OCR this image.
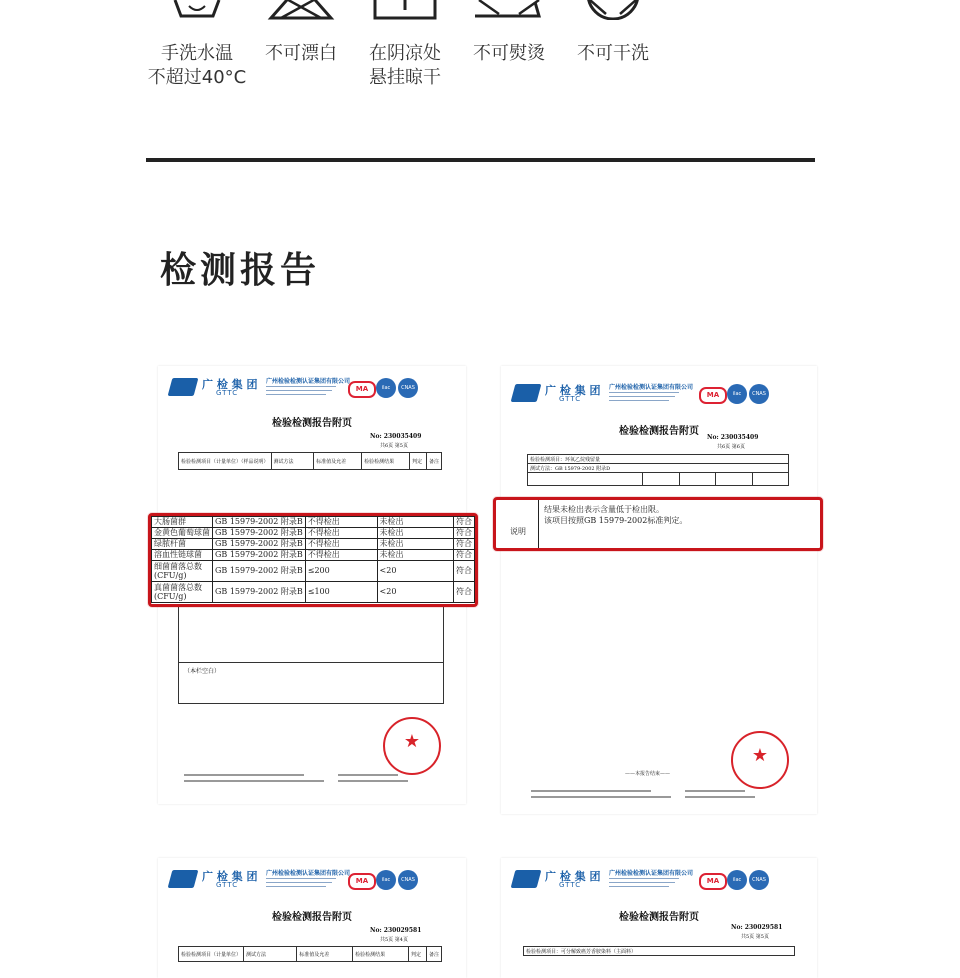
手洗水温
不超过40°C
不可漂白	在阴凉处
悬挂晾干
不可熨烫	不可干洗
检测报告
广 检 集 团
GTTC
广州检验检测认证集团有限公司
MA	ilac	CNAS
检验检测报告附页
No: 230035409
共6页 第5页
检验检测项目（计量单位）（样品说明）	测试方法	标准值及允差	检验检测结果	判定	备注
（本栏空白）
★
大肠菌群	GB 15979-2002 附录B	不得检出	未检出	符合
金黄色葡萄球菌	GB 15979-2002 附录B	不得检出	未检出	符合
绿脓杆菌	GB 15979-2002 附录B	不得检出	未检出	符合
溶血性链球菌	GB 15979-2002 附录B	不得检出	未检出	符合
细菌菌落总数(CFU/g)	GB 15979-2002 附录B	≤200	<20	符合
真菌菌落总数(CFU/g)	GB 15979-2002 附录B	≤100	<20	符合
广 检 集 团
GTTC
广州检验检测认证集团有限公司
MA	ilac	CNAS
检验检测报告附页
No: 230035409
共6页 第6页
检验检测项目：环氧乙烷残留量
测试方法：GB 15979-2002 附录D

★
——本报告结束——
说明
结果未检出表示含量低于检出限。
该项目按照GB 15979-2002标准判定。
广 检 集 团
GTTC
广州检验检测认证集团有限公司
MA	ilac	CNAS
检验检测报告附页
No: 230029581
共5页 第4页
检验检测项目（计量单位）	测试方法	标准值及允差	检验检测结果	判定	备注
广 检 集 团
GTTC
广州检验检测认证集团有限公司
MA	ilac	CNAS
检验检测报告附页
No: 230029581
共5页 第5页
检验检测项目：可分解致癌芳香胺染料（主面料）
